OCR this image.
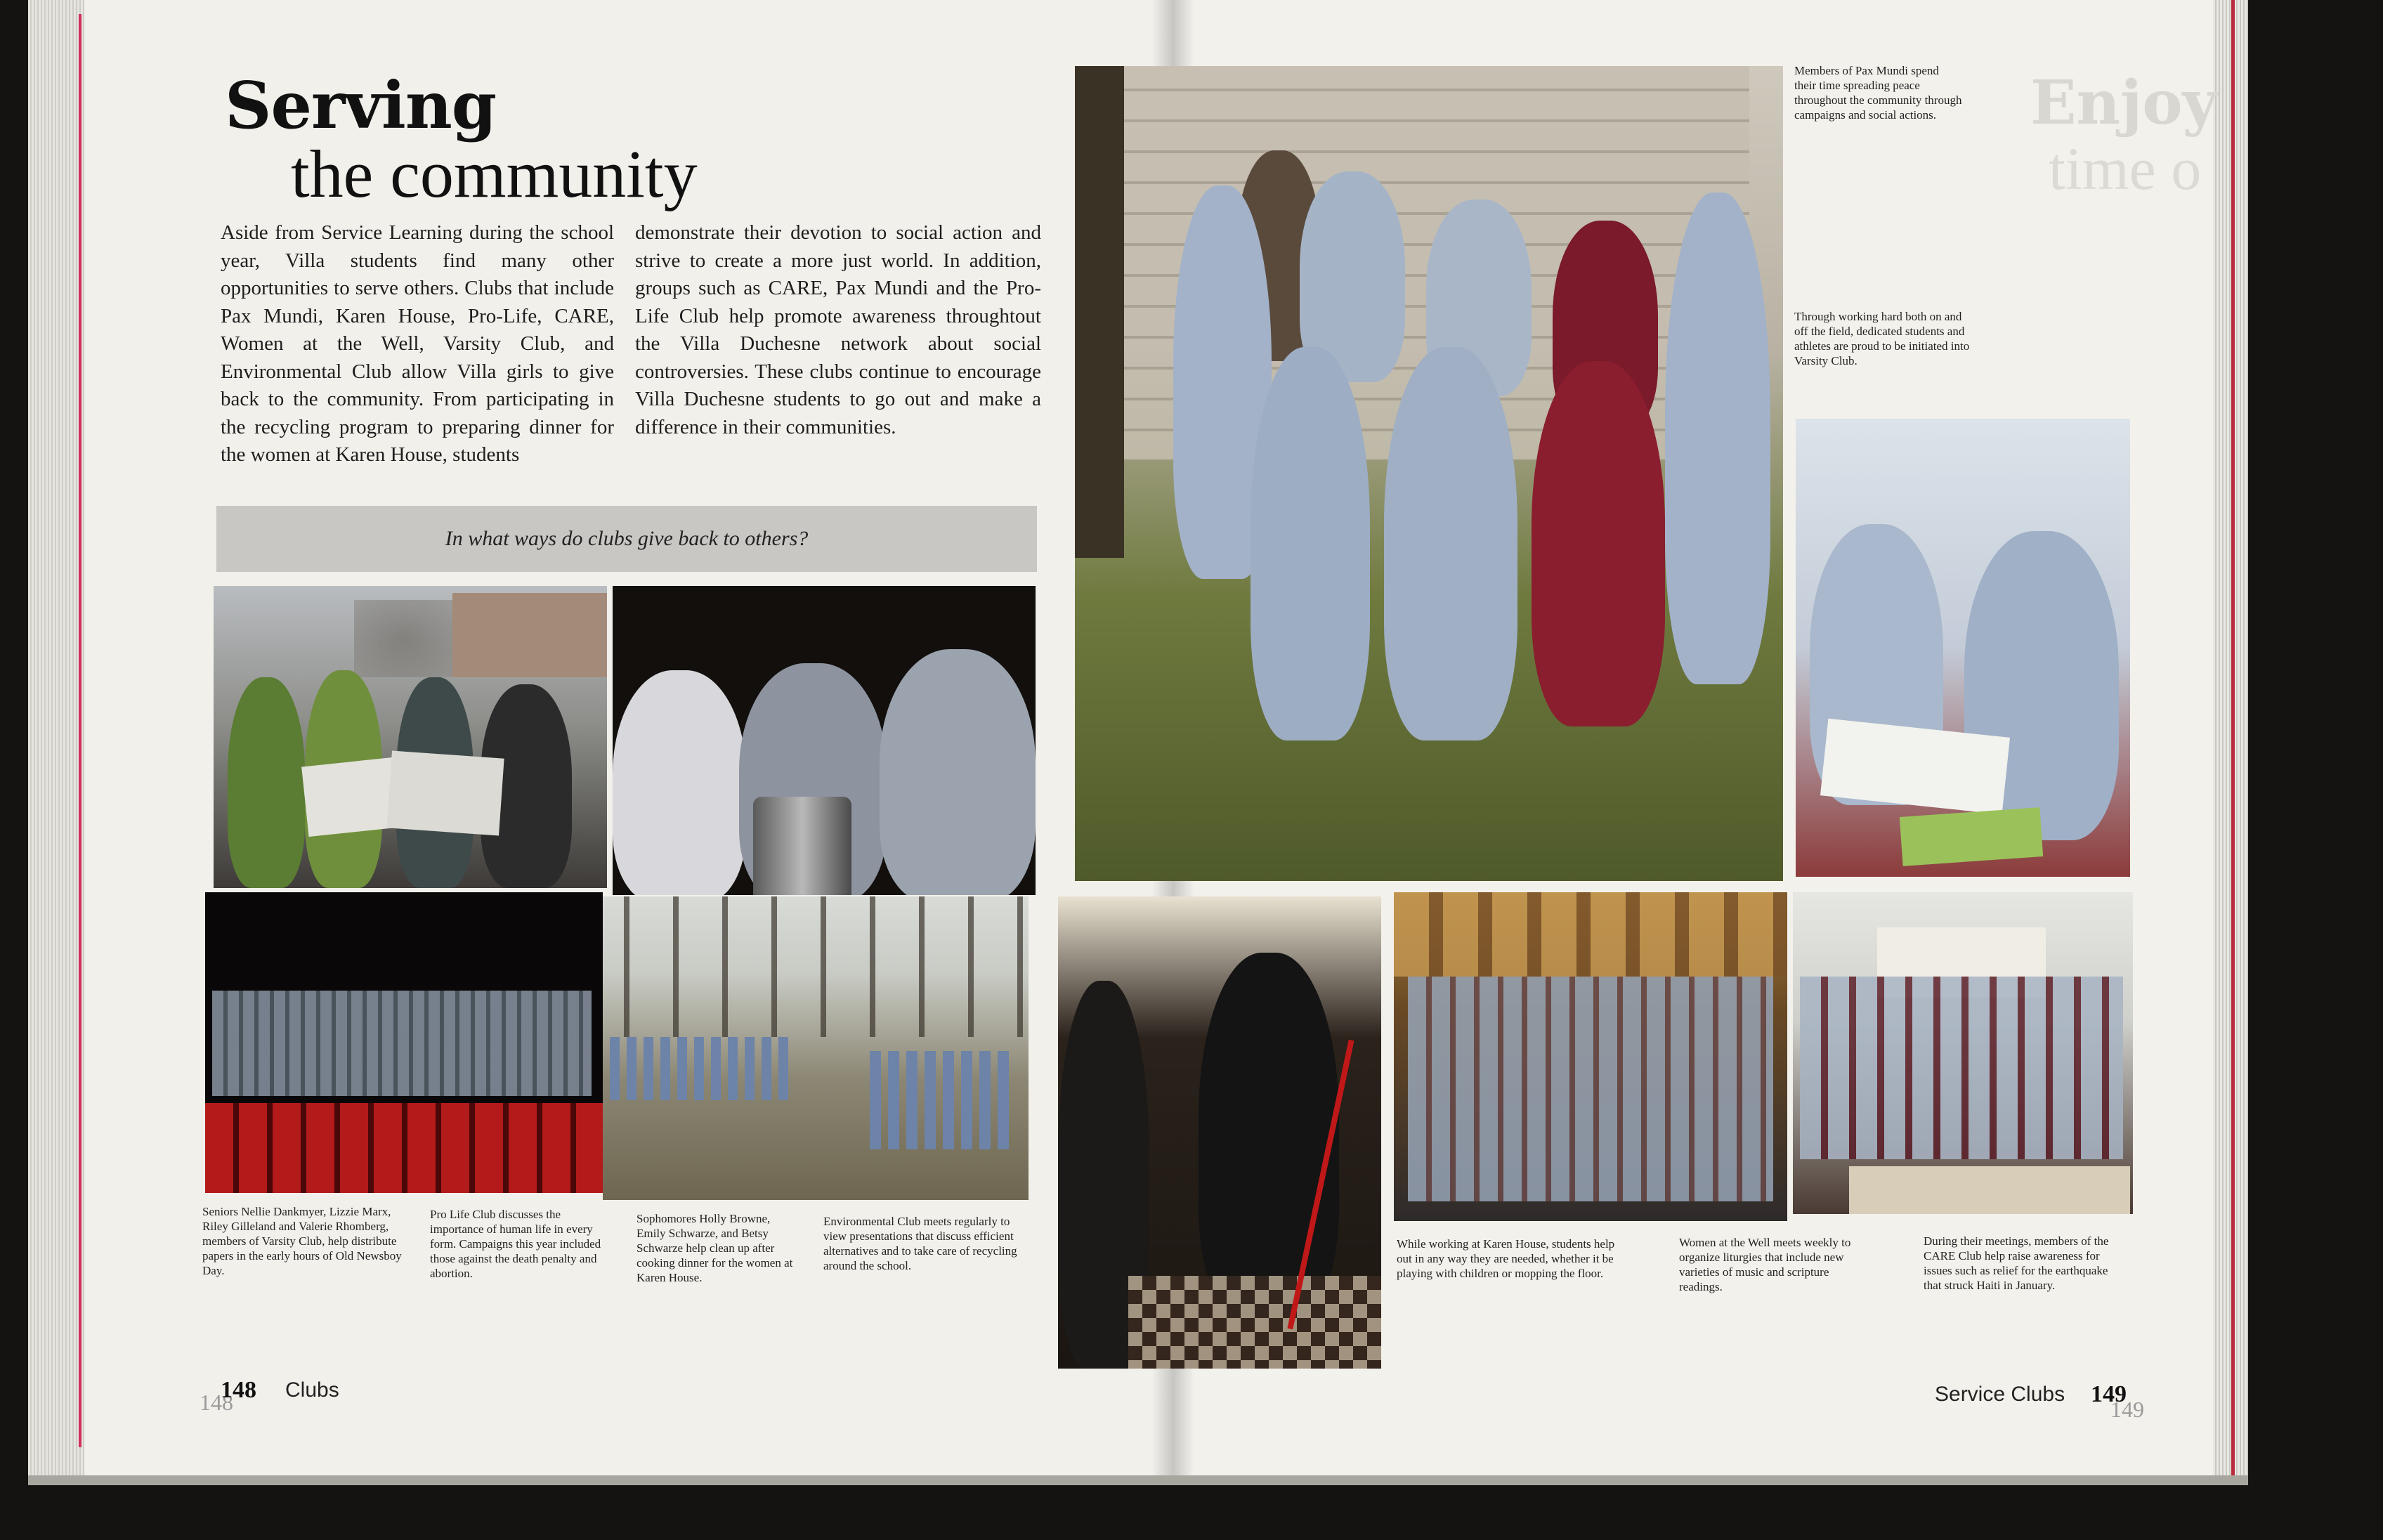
Serving
the community
Aside from Service Learning during the school year, Villa students find many other opportunities to serve others. Clubs that include Pax Mundi, Karen House, Pro-Life, CARE, Women at the Well, Varsity Club, and Environmental Club allow Villa girls to give back to the community. From participating in the recycling program to preparing dinner for the women at Karen House, students
demonstrate their devotion to social action and strive to create a more just world. In addition, groups such as CARE, Pax Mundi and the Pro-Life Club help promote awareness throughtout the Villa Duchesne network about social controversies. These clubs continue to encourage Villa Duchesne students to go out and make a difference in their communities.
In what ways do clubs give back to others?
Seniors Nellie Dankmyer, Lizzie Marx, Riley Gilleland and Valerie Rhomberg, members of Varsity Club, help distribute papers in the early hours of Old Newsboy Day.
Pro Life Club discusses the importance of human life in every form. Campaigns this year included those against the death penalty and abortion.
Sophomores Holly Browne, Emily Schwarze, and Betsy Schwarze help clean up after cooking dinner for the women at Karen House.
Environmental Club meets regularly to view presentations that discuss efficient alternatives and to take care of recycling around the school.
148
148 Clubs
Enjoy
time o
Members of Pax Mundi spend their time spreading peace throughout the community through campaigns and social actions.
Through working hard both on and off the field, dedicated students and athletes are proud to be initiated into Varsity Club.
While working at Karen House, students help out in any way they are needed, whether it be playing with children or mopping the floor.
Women at the Well meets weekly to organize liturgies that include new varieties of music and scripture readings.
During their meetings, members of the CARE Club help raise awareness for issues such as relief for the earthquake that struck Haiti in January.
Service Clubs 149
149
